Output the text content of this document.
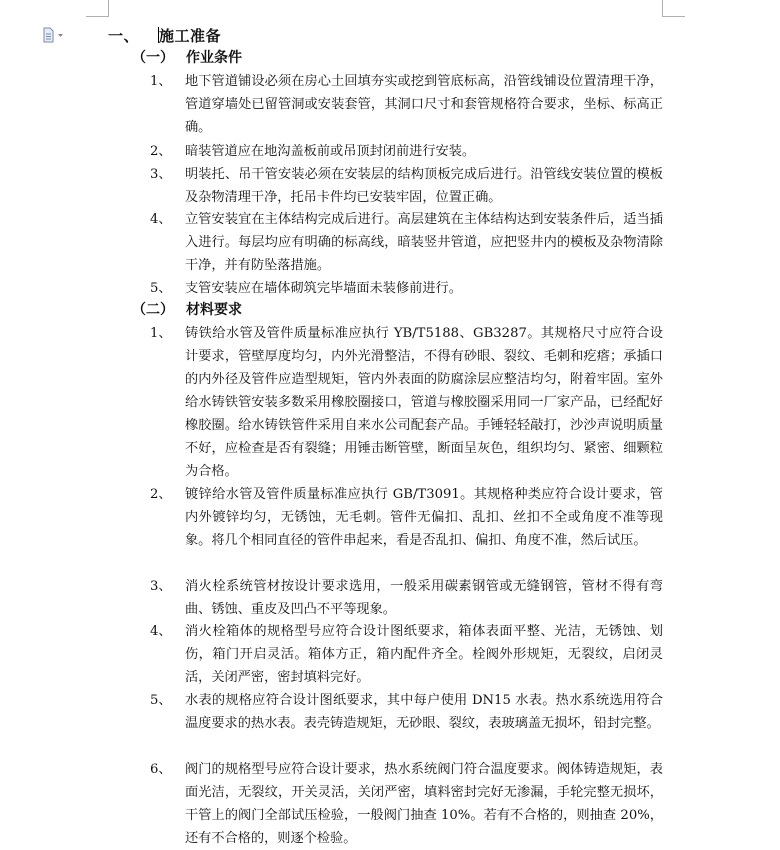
一、 施工准备
（一） 作业条件
1、	地下管道铺设必须在房心土回填夯实或挖到管底标高，沿管线铺设位置清理干净，管道穿墙处已留管洞或安装套管，其洞口尺寸和套管规格符合要求，坐标、标高正确。
2、	暗装管道应在地沟盖板前或吊顶封闭前进行安装。
3、	明装托、吊干管安装必须在安装层的结构顶板完成后进行。沿管线安装位置的模板及杂物清理干净，托吊卡件均已安装牢固，位置正确。
4、	立管安装宜在主体结构完成后进行。高层建筑在主体结构达到安装条件后，适当插入进行。每层均应有明确的标高线，暗装竖井管道，应把竖井内的模板及杂物清除干净，并有防坠落措施。
5、	支管安装应在墙体砌筑完毕墙面未装修前进行。
（二） 材料要求
1、	铸铁给水管及管件质量标准应执行 YB/T5188、GB3287。其规格尺寸应符合设计要求，管壁厚度均匀，内外光滑整洁，不得有砂眼、裂纹、毛刺和疙瘩；承插口的内外径及管件应造型规矩，管内外表面的防腐涂层应整洁均匀，附着牢固。室外给水铸铁管安装多数采用橡胶圈接口，管道与橡胶圈采用同一厂家产品，已经配好橡胶圈。给水铸铁管件采用自来水公司配套产品。手锤轻轻敲打，沙沙声说明质量不好，应检查是否有裂缝；用锤击断管壁，断面呈灰色，组织均匀、紧密、细颗粒为合格。
2、	镀锌给水管及管件质量标准应执行 GB/T3091。其规格种类应符合设计要求，管内外镀锌均匀，无锈蚀，无毛刺。管件无偏扣、乱扣、丝扣不全或角度不准等现象。将几个相同直径的管件串起来，看是否乱扣、偏扣、角度不准，然后试压。
3、	消火栓系统管材按设计要求选用，一般采用碳素钢管或无缝钢管，管材不得有弯曲、锈蚀、重皮及凹凸不平等现象。
4、	消火栓箱体的规格型号应符合设计图纸要求，箱体表面平整、光洁，无锈蚀、划伤，箱门开启灵活。箱体方正，箱内配件齐全。栓阀外形规矩，无裂纹，启闭灵活，关闭严密，密封填料完好。
5、	水表的规格应符合设计图纸要求，其中每户使用 DN15 水表。热水系统选用符合温度要求的热水表。表壳铸造规矩，无砂眼、裂纹，表玻璃盖无损坏，铅封完整。
6、	阀门的规格型号应符合设计要求，热水系统阀门符合温度要求。阀体铸造规矩，表面光洁，无裂纹，开关灵活，关闭严密，填料密封完好无渗漏，手轮完整无损坏，干管上的阀门全部试压检验，一般阀门抽查 10%。若有不合格的，则抽查 20%，还有不合格的，则逐个检验。
